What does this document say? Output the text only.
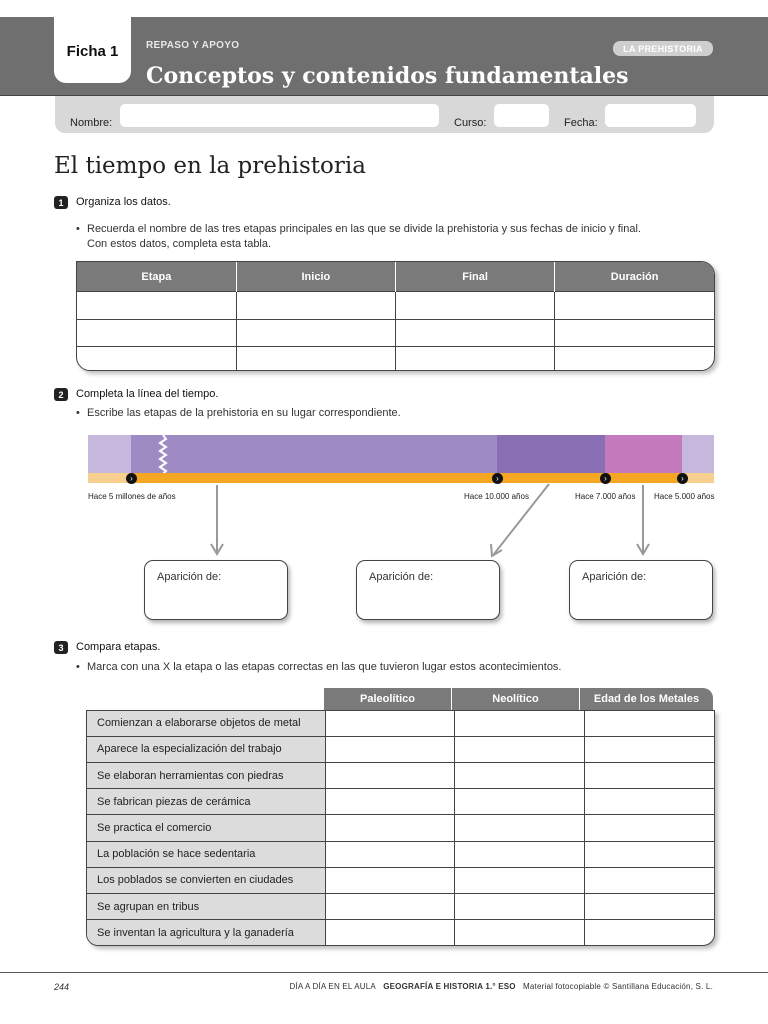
Ficha 1	REPASO Y APOYO	LA PREHISTORIA
Conceptos y contenidos fundamentales
Nombre:	Curso:	Fecha:
El tiempo en la prehistoria
1	Organiza los datos.
• Recuerda el nombre de las tres etapas principales en las que se divide la prehistoria y sus fechas de inicio y final.
Con estos datos, completa esta tabla.
Etapa	Inicio	Final	Duración

2	Completa la línea del tiempo.
• Escribe las etapas de la prehistoria en su lugar correspondiente.
›	›	›	›
Hace 5 millones de años	Hace 10.000 años	Hace 7.000 años Hace 5.000 años
Aparición de:	Aparición de:	Aparición de:
3	Compara etapas.
• Marca con una X la etapa o las etapas correctas en las que tuvieron lugar estos acontecimientos.
Paleolítico	Neolítico	Edad de los Metales
Comienzan a elaborarse objetos de metal			
Aparece la especialización del trabajo			
Se elaboran herramientas con piedras			
Se fabrican piezas de cerámica			
Se practica el comercio			
La población se hace sedentaria			
Los poblados se convierten en ciudades			
Se agrupan en tribus			
Se inventan la agricultura y la ganadería			
244	DÍA A DÍA EN EL AULA GEOGRAFÍA E HISTORIA 1.° ESO Material fotocopiable © Santillana Educación, S. L.
